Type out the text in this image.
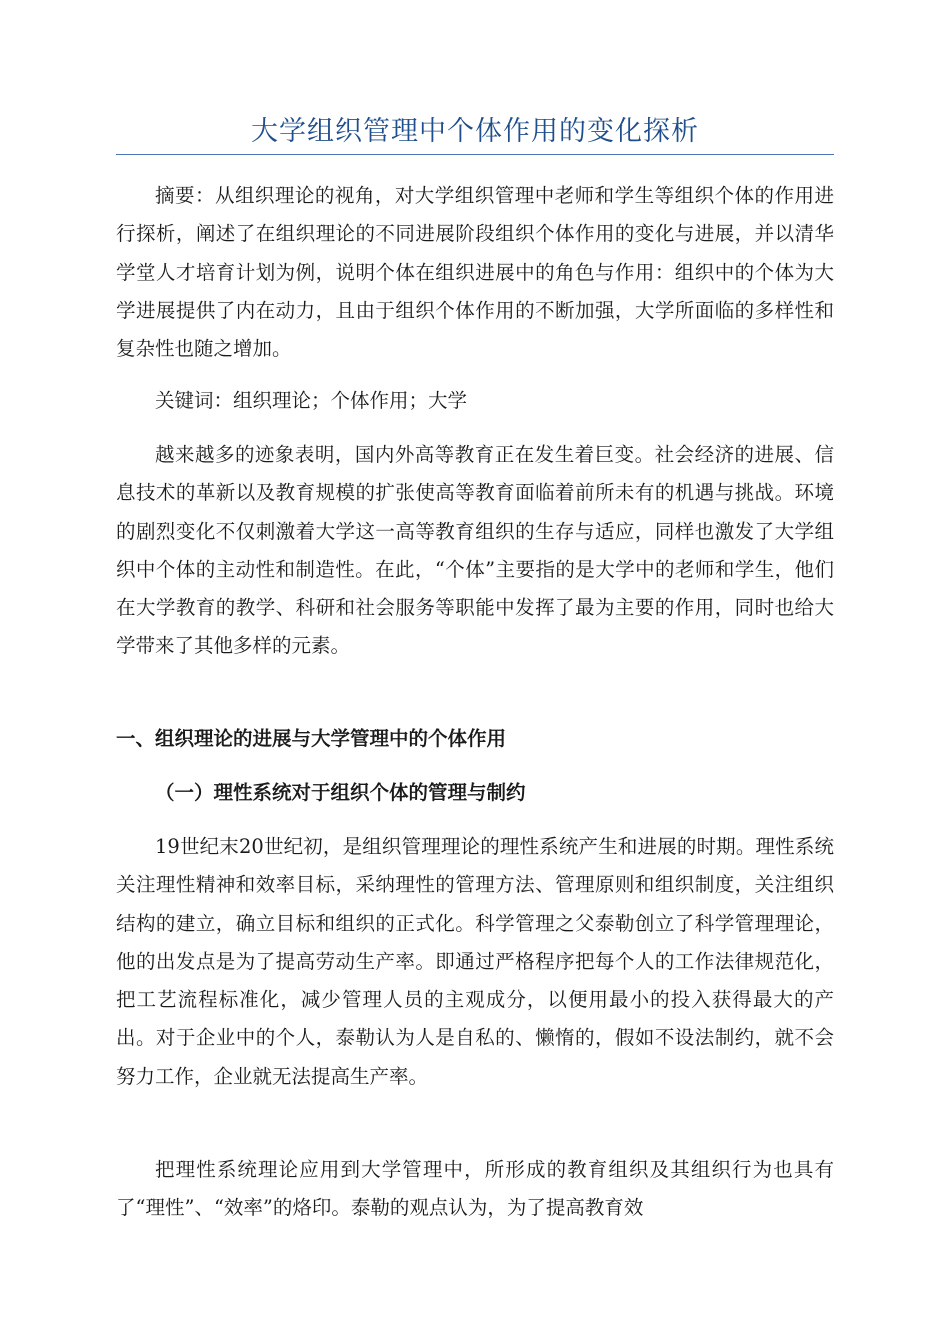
大学组织管理中个体作用的变化探析

摘要：从组织理论的视角，对大学组织管理中老师和学生等组织个体的作用进行探析，阐述了在组织理论的不同进展阶段组织个体作用的变化与进展，并以清华学堂人才培育计划为例，说明个体在组织进展中的角色与作用：组织中的个体为大学进展提供了内在动力，且由于组织个体作用的不断加强，大学所面临的多样性和复杂性也随之增加。

关键词：组织理论；个体作用；大学

越来越多的迹象表明，国内外高等教育正在发生着巨变。社会经济的进展、信息技术的革新以及教育规模的扩张使高等教育面临着前所未有的机遇与挑战。环境的剧烈变化不仅刺激着大学这一高等教育组织的生存与适应，同样也激发了大学组织中个体的主动性和制造性。在此，“个体”主要指的是大学中的老师和学生，他们在大学教育的教学、科研和社会服务等职能中发挥了最为主要的作用，同时也给大学带来了其他多样的元素。

一、组织理论的进展与大学管理中的个体作用
（一）理性系统对于组织个体的管理与制约

19世纪末20世纪初，是组织管理理论的理性系统产生和进展的时期。理性系统关注理性精神和效率目标，采纳理性的管理方法、管理原则和组织制度，关注组织结构的建立，确立目标和组织的正式化。科学管理之父泰勒创立了科学管理理论，他的出发点是为了提高劳动生产率。即通过严格程序把每个人的工作法律规范化，把工艺流程标准化，减少管理人员的主观成分，以便用最小的投入获得最大的产出。对于企业中的个人，泰勒认为人是自私的、懒惰的，假如不设法制约，就不会努力工作，企业就无法提高生产率。

把理性系统理论应用到大学管理中，所形成的教育组织及其组织行为也具有了“理性”、“效率”的烙印。泰勒的观点认为，为了提高教育效
